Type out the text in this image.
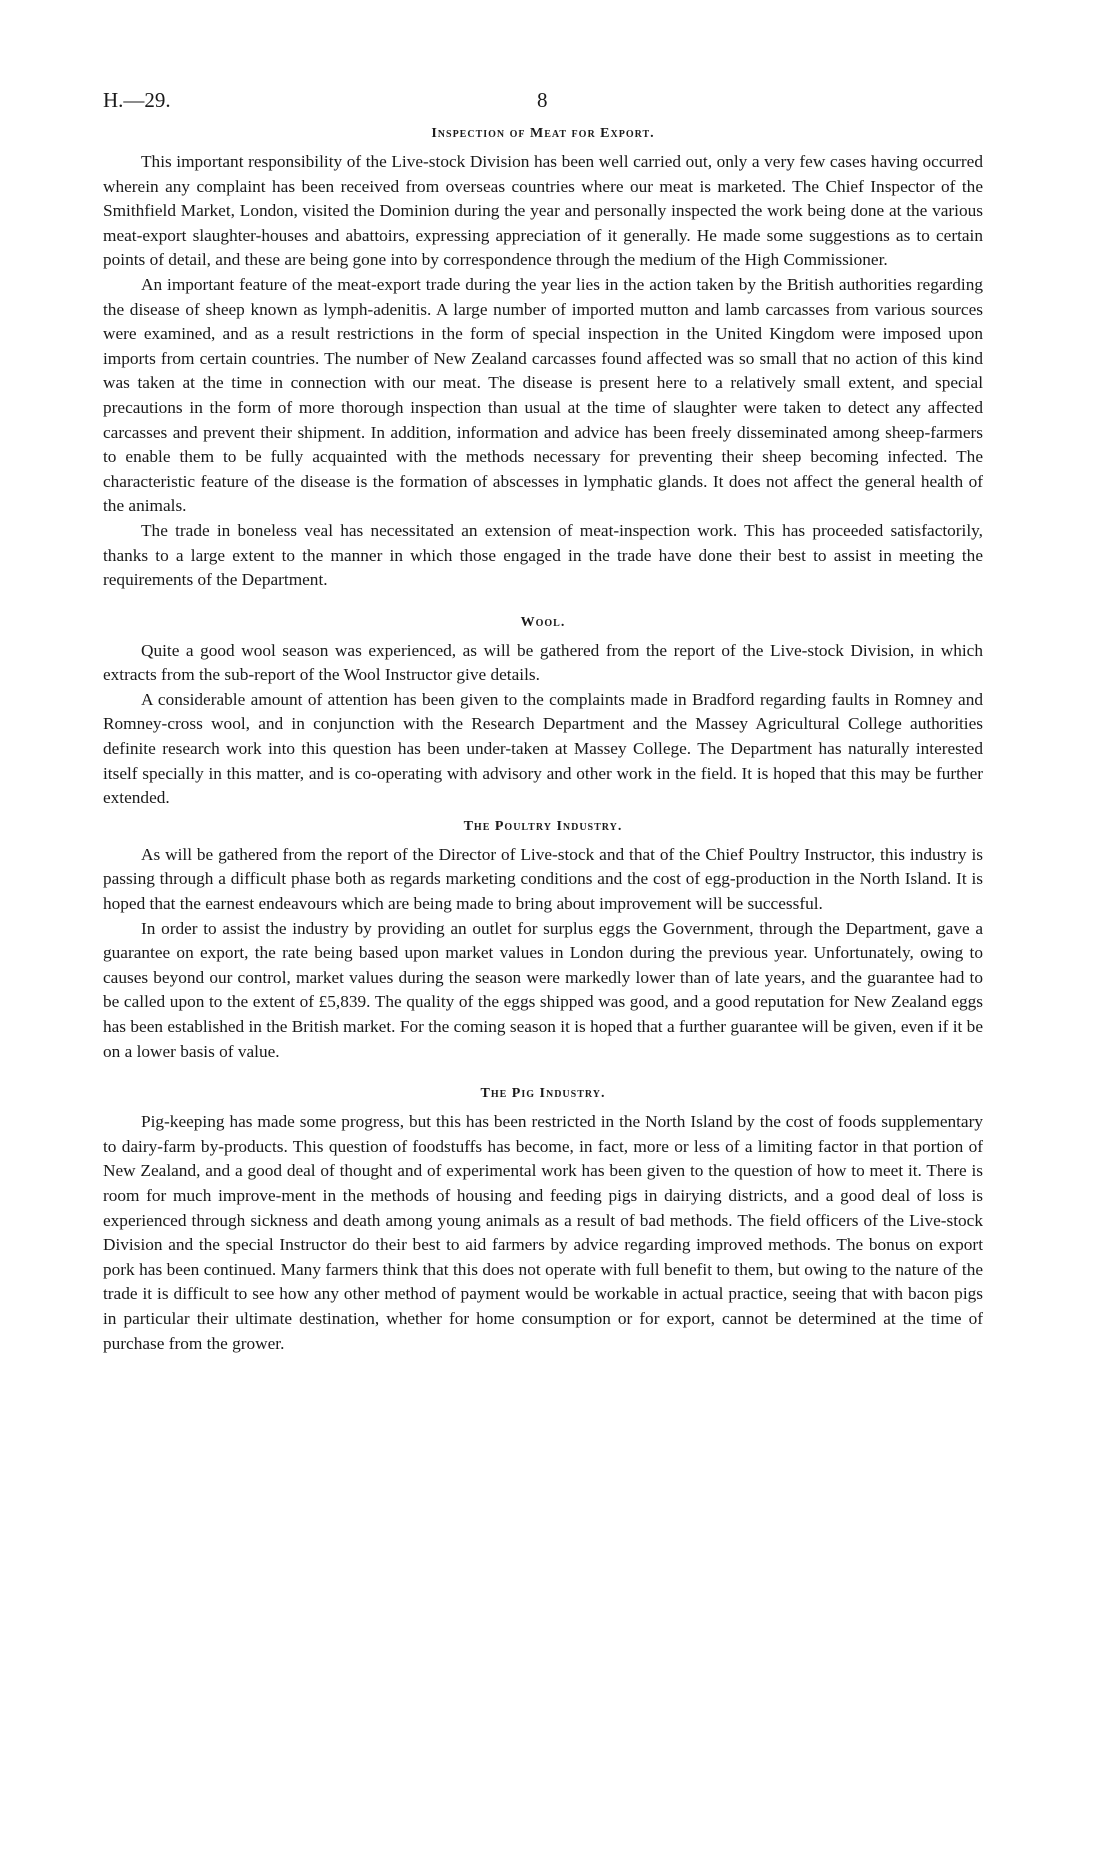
H.—29.	8
Inspection of Meat for Export.

This important responsibility of the Live-stock Division has been well carried out, only a very few cases having occurred wherein any complaint has been received from overseas countries where our meat is marketed. The Chief Inspector of the Smithfield Market, London, visited the Dominion during the year and personally inspected the work being done at the various meat-export slaughter-houses and abattoirs, expressing appreciation of it generally. He made some suggestions as to certain points of detail, and these are being gone into by correspondence through the medium of the High Commissioner.

An important feature of the meat-export trade during the year lies in the action taken by the British authorities regarding the disease of sheep known as lymph-adenitis. A large number of imported mutton and lamb carcasses from various sources were examined, and as a result restrictions in the form of special inspection in the United Kingdom were imposed upon imports from certain countries. The number of New Zealand carcasses found affected was so small that no action of this kind was taken at the time in connection with our meat. The disease is present here to a relatively small extent, and special precautions in the form of more thorough inspection than usual at the time of slaughter were taken to detect any affected carcasses and prevent their shipment. In addition, information and advice has been freely disseminated among sheep-farmers to enable them to be fully acquainted with the methods necessary for preventing their sheep becoming infected. The characteristic feature of the disease is the formation of abscesses in lymphatic glands. It does not affect the general health of the animals.

The trade in boneless veal has necessitated an extension of meat-inspection work. This has proceeded satisfactorily, thanks to a large extent to the manner in which those engaged in the trade have done their best to assist in meeting the requirements of the Department.

Wool.

Quite a good wool season was experienced, as will be gathered from the report of the Live-stock Division, in which extracts from the sub-report of the Wool Instructor give details.

A considerable amount of attention has been given to the complaints made in Bradford regarding faults in Romney and Romney-cross wool, and in conjunction with the Research Department and the Massey Agricultural College authorities definite research work into this question has been under-taken at Massey College. The Department has naturally interested itself specially in this matter, and is co-operating with advisory and other work in the field. It is hoped that this may be further extended.

The Poultry Industry.

As will be gathered from the report of the Director of Live-stock and that of the Chief Poultry Instructor, this industry is passing through a difficult phase both as regards marketing conditions and the cost of egg-production in the North Island. It is hoped that the earnest endeavours which are being made to bring about improvement will be successful.

In order to assist the industry by providing an outlet for surplus eggs the Government, through the Department, gave a guarantee on export, the rate being based upon market values in London during the previous year. Unfortunately, owing to causes beyond our control, market values during the season were markedly lower than of late years, and the guarantee had to be called upon to the extent of £5,839. The quality of the eggs shipped was good, and a good reputation for New Zealand eggs has been established in the British market. For the coming season it is hoped that a further guarantee will be given, even if it be on a lower basis of value.

The Pig Industry.

Pig-keeping has made some progress, but this has been restricted in the North Island by the cost of foods supplementary to dairy-farm by-products. This question of foodstuffs has become, in fact, more or less of a limiting factor in that portion of New Zealand, and a good deal of thought and of experimental work has been given to the question of how to meet it. There is room for much improve-ment in the methods of housing and feeding pigs in dairying districts, and a good deal of loss is experienced through sickness and death among young animals as a result of bad methods. The field officers of the Live-stock Division and the special Instructor do their best to aid farmers by advice regarding improved methods. The bonus on export pork has been continued. Many farmers think that this does not operate with full benefit to them, but owing to the nature of the trade it is difficult to see how any other method of payment would be workable in actual practice, seeing that with bacon pigs in particular their ultimate destination, whether for home consumption or for export, cannot be determined at the time of purchase from the grower.
